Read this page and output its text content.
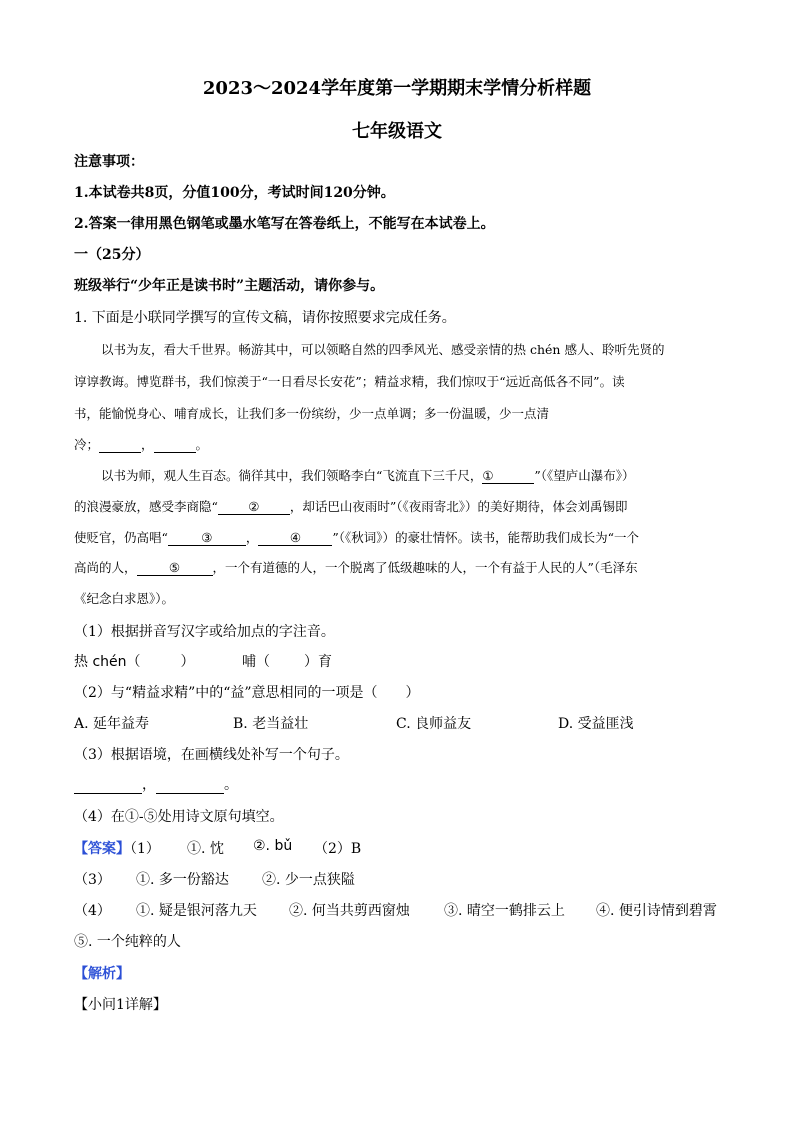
2023～2024学年度第一学期期末学情分析样题
七年级语文
注意事项：
1.本试卷共8页，分值100分，考试时间120分钟。
2.答案一律用黑色钢笔或墨水笔写在答卷纸上，不能写在本试卷上。
一（25分）
班级举行“少年正是读书时”主题活动，请你参与。
1. 下面是小联同学撰写的宣传文稿，请你按照要求完成任务。
以书为友，看大千世界。畅游其中，可以领略自然的四季风光、感受亲情的热 chén 感人、聆听先贤的
谆谆教诲。博览群书，我们惊羡于“一日看尽长安花”；精益求精，我们惊叹于“远近高低各不同”。读
书，能愉悦身心、哺育成长，让我们多一份缤纷，少一点单调；多一份温暖，少一点清
冷；	，	。
以书为师，观人生百态。徜徉其中，我们领略李白“飞流直下三千尺，①	”（《望庐山瀑布》）
的浪漫豪放，感受李商隐“ ② ，却话巴山夜雨时”（《夜雨寄北》）的美好期待，体会刘禹锡即
使贬官，仍高唱“	③	，	④	”（《秋词》）的豪壮情怀。读书，能帮助我们成长为“一个
高尚的人，	⑤	，一个有道德的人，一个脱离了低级趣味的人，一个有益于人民的人”（毛泽东
《纪念白求恩》）。
（1）根据拼音写汉字或给加点的字注音。
热 chén（	）	哺（ ）育
（2）与“精益求精”中的“益”意思相同的一项是（　　）
A. 延年益寿	B. 老当益壮	C. 良师益友	D. 受益匪浅
（3）根据语境，在画横线处补写一个句子。
，	。
（4）在①-⑤处用诗文原句填空。
【答案】（1） ①. 忱 ②. bǔ （2）B
（3） ①. 多一份豁达 ②. 少一点狭隘
（4） ①. 疑是银河落九天 ②. 何当共剪西窗烛 ③. 晴空一鹤排云上 ④. 便引诗情到碧霄
⑤. 一个纯粹的人
【解析】
【小问1详解】
